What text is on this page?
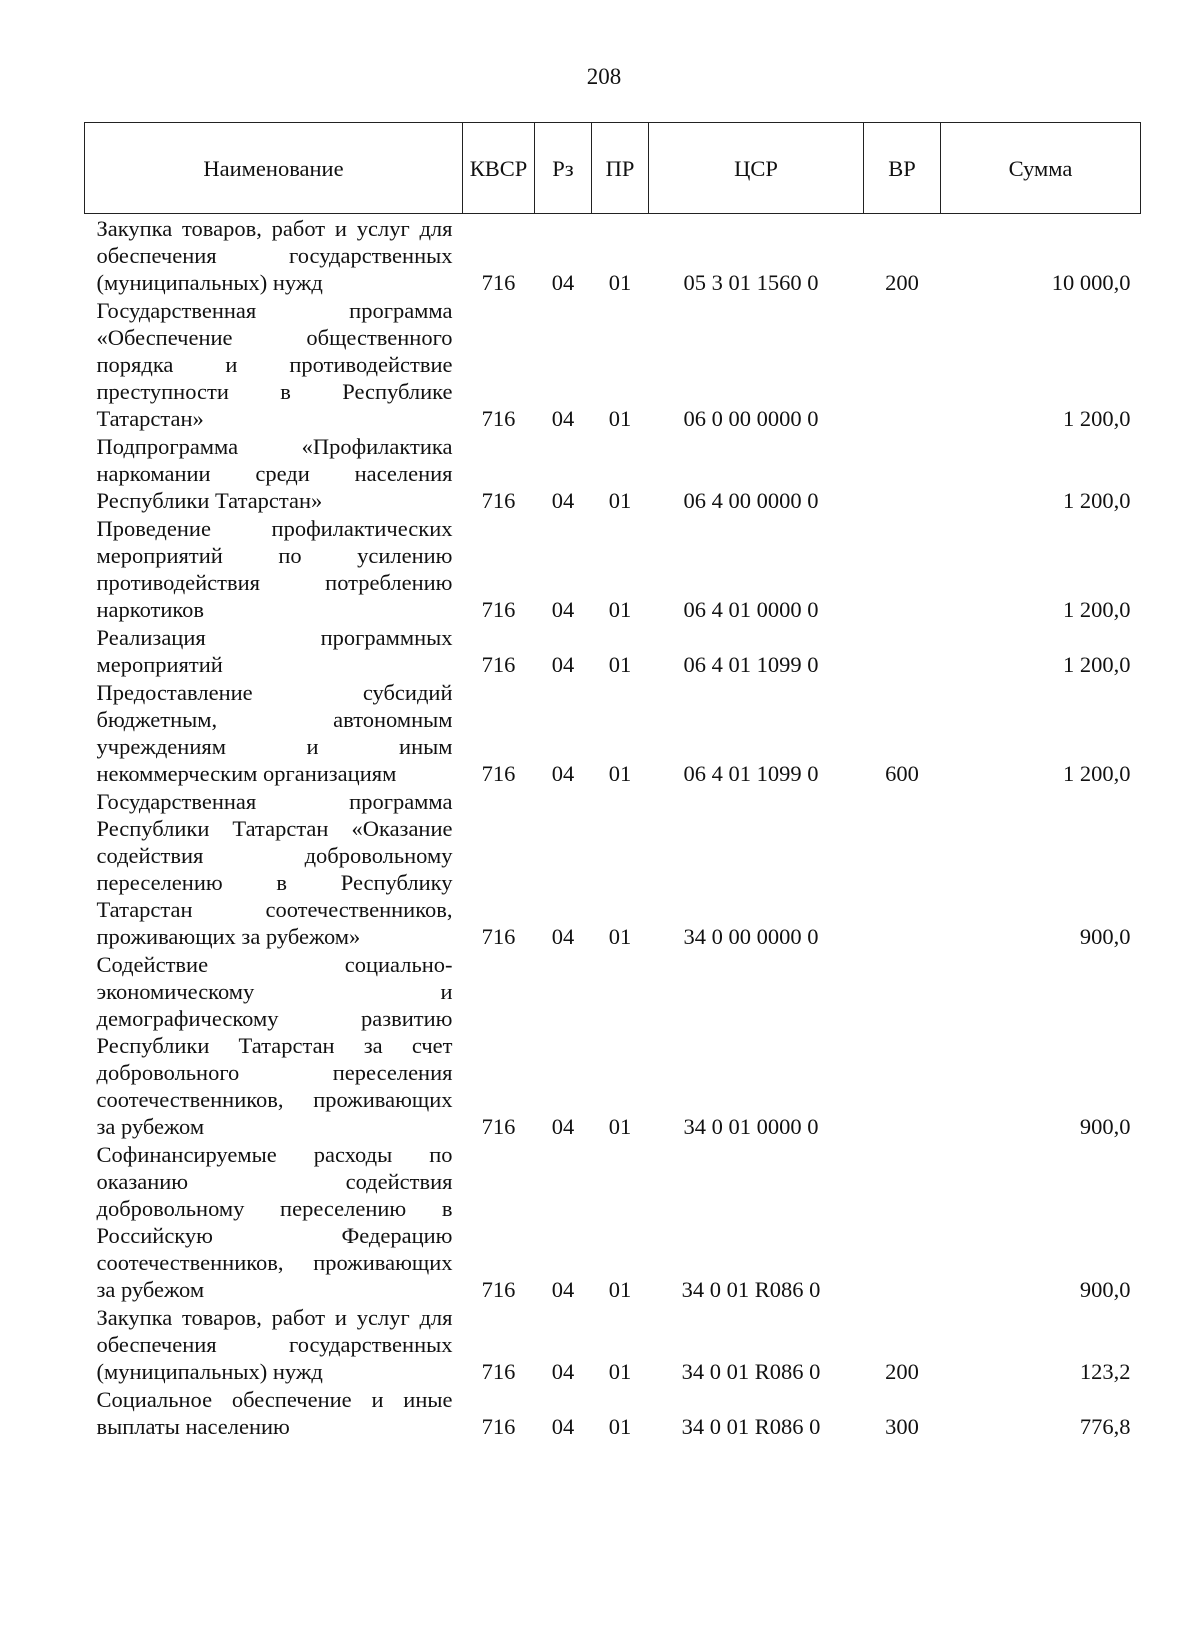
208
Наименование	КВСР	Рз	ПР	ЦСР	ВР	Сумма
Закупка товаров, работ и услуг для обеспечения государственных (муниципальных) нужд	716	04	01	05 3 01 1560 0	200	10 000,0
Государственная программа «Обеспечение общественного порядка и противодействие преступности в Республике Татарстан»	716	04	01	06 0 00 0000 0		1 200,0
Подпрограмма «Профилактика наркомании среди населения Республики Татарстан»	716	04	01	06 4 00 0000 0		1 200,0
Проведение профилактических мероприятий по усилению противодействия потреблению наркотиков	716	04	01	06 4 01 0000 0		1 200,0
Реализация программных мероприятий	716	04	01	06 4 01 1099 0		1 200,0
Предоставление субсидий бюджетным, автономным учреждениям и иным некоммерческим организациям	716	04	01	06 4 01 1099 0	600	1 200,0
Государственная программа Республики Татарстан «Оказание содействия добровольному переселению в Республику Татарстан соотечественников, проживающих за рубежом»	716	04	01	34 0 00 0000 0		900,0
Содействие социально-экономическому и демографическому развитию Республики Татарстан за счет добровольного переселения соотечественников, проживающих за рубежом	716	04	01	34 0 01 0000 0		900,0
Софинансируемые расходы по оказанию содействия добровольному переселению в Российскую Федерацию соотечественников, проживающих за рубежом	716	04	01	34 0 01 R086 0		900,0
Закупка товаров, работ и услуг для обеспечения государственных (муниципальных) нужд	716	04	01	34 0 01 R086 0	200	123,2
Социальное обеспечение и иные выплаты населению	716	04	01	34 0 01 R086 0	300	776,8
